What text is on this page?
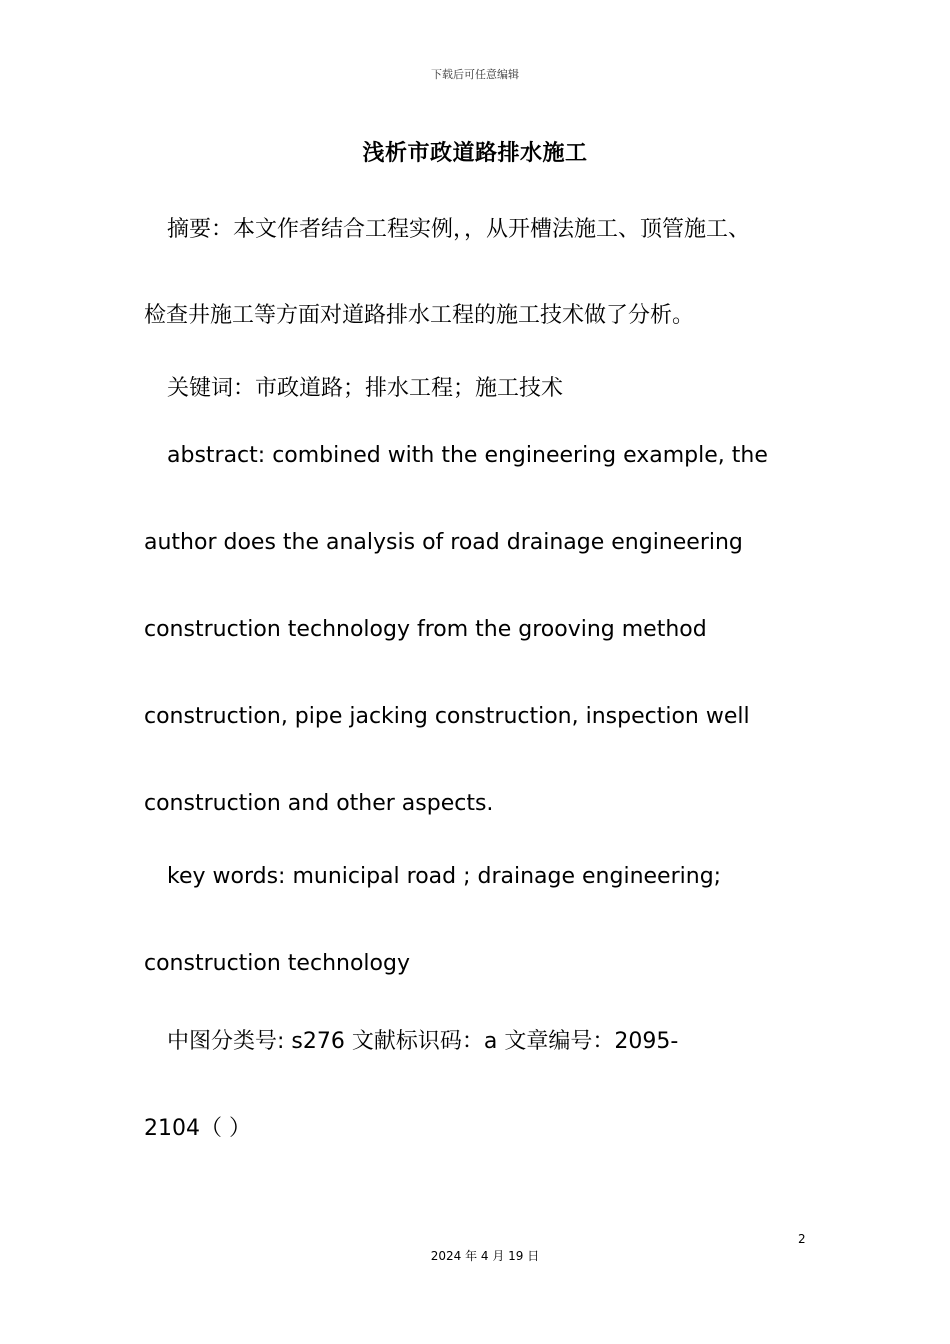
下载后可任意编辑
浅析市政道路排水施工
摘要：本文作者结合工程实例，，从开槽法施工、顶管施工、
检查井施工等方面对道路排水工程的施工技术做了分析。
关键词：市政道路；排水工程；施工技术
abstract: combined with the engineering example, the
author does the analysis of road drainage engineering
construction technology from the grooving method
construction, pipe jacking construction, inspection well
construction and other aspects.
key words: municipal road ; drainage engineering;
construction technology
中图分类号: s276 文献标识码：a 文章编号：2095-
2104（ ）
2
2024 年 4 月 19 日
